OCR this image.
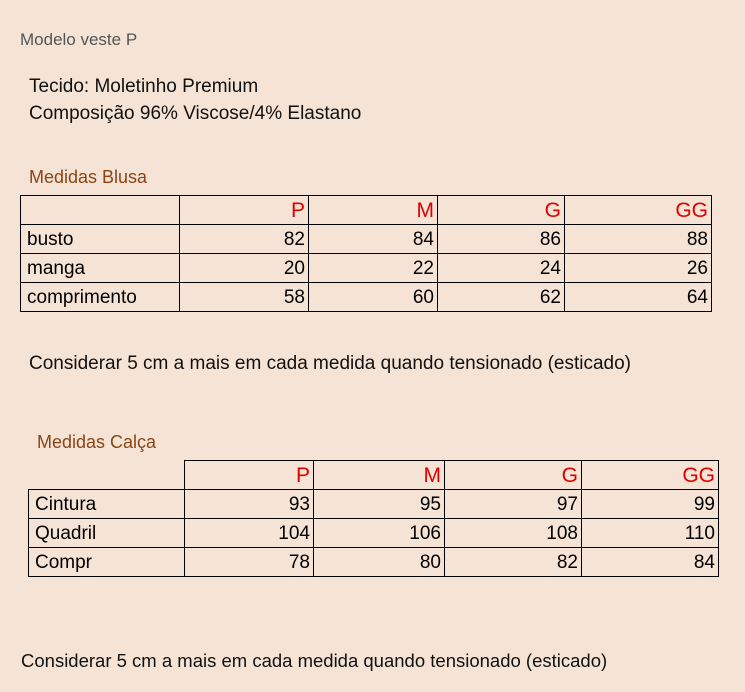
Modelo veste P
Tecido: Moletinho Premium
Composição 96% Viscose/4% Elastano
Medidas Blusa
	P	M	G	GG
busto	82	84	86	88
manga	20	22	24	26
comprimento	58	60	62	64
Considerar 5 cm a mais em cada medida quando tensionado (esticado)
Medidas Calça
	P	M	G	GG
Cintura	93	95	97	99
Quadril	104	106	108	110
Compr	78	80	82	84
Considerar 5 cm a mais em cada medida quando tensionado (esticado)
